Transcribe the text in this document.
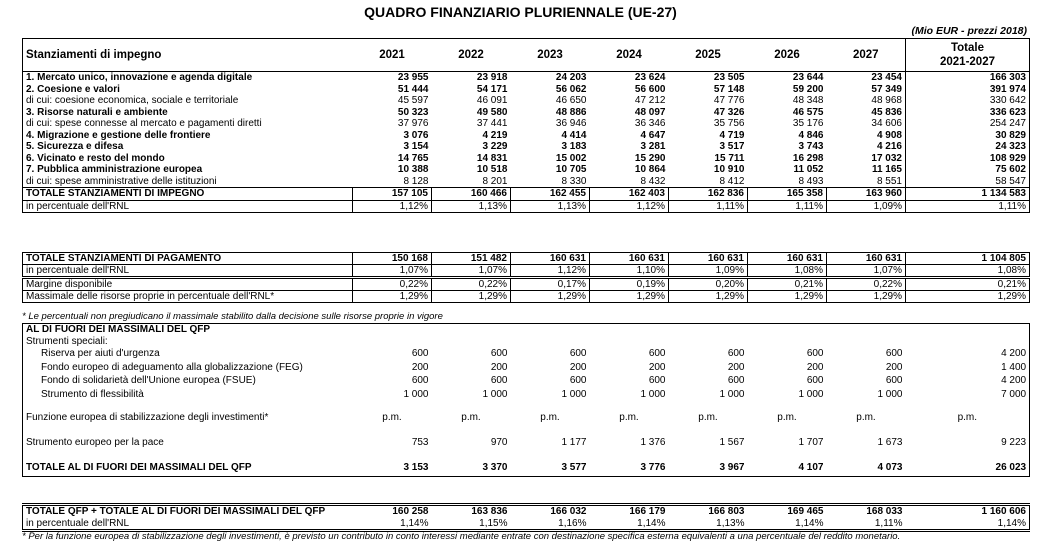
QUADRO FINANZIARIO PLURIENNALE (UE-27)
(Mio EUR - prezzi 2018)
Stanziamenti di impegno	2021	2022	2023	2024	2025	2026	2027	Totale
2021-2027
1. Mercato unico, innovazione e agenda digitale	23 955	23 918	24 203	23 624	23 505	23 644	23 454	166 303
2. Coesione e valori	51 444	54 171	56 062	56 600	57 148	59 200	57 349	391 974
di cui: coesione economica, sociale e territoriale	45 597	46 091	46 650	47 212	47 776	48 348	48 968	330 642
3. Risorse naturali e ambiente	50 323	49 580	48 886	48 097	47 326	46 575	45 836	336 623
di cui: spese connesse al mercato e pagamenti diretti	37 976	37 441	36 946	36 346	35 756	35 176	34 606	254 247
4. Migrazione e gestione delle frontiere	3 076	4 219	4 414	4 647	4 719	4 846	4 908	30 829
5. Sicurezza e difesa	3 154	3 229	3 183	3 281	3 517	3 743	4 216	24 323
6. Vicinato e resto del mondo	14 765	14 831	15 002	15 290	15 711	16 298	17 032	108 929
7. Pubblica amministrazione europea	10 388	10 518	10 705	10 864	10 910	11 052	11 165	75 602
di cui: spese amministrative delle istituzioni	8 128	8 201	8 330	8 432	8 412	8 493	8 551	58 547
TOTALE STANZIAMENTI DI IMPEGNO	157 105	160 466	162 455	162 403	162 836	165 358	163 960	1 134 583
in percentuale dell'RNL	1,12%	1,13%	1,13%	1,12%	1,11%	1,11%	1,09%	1,11%
TOTALE STANZIAMENTI DI PAGAMENTO	150 168	151 482	160 631	160 631	160 631	160 631	160 631	1 104 805
in percentuale dell'RNL	1,07%	1,07%	1,12%	1,10%	1,09%	1,08%	1,07%	1,08%
Margine disponibile	0,22%	0,22%	0,17%	0,19%	0,20%	0,21%	0,22%	0,21%
Massimale delle risorse proprie in percentuale dell'RNL*	1,29%	1,29%	1,29%	1,29%	1,29%	1,29%	1,29%	1,29%
* Le percentuali non pregiudicano il massimale stabilito dalla decisione sulle risorse proprie in vigore
AL DI FUORI DEI MASSIMALI DEL QFP								
Strumenti speciali:								
Riserva per aiuti d'urgenza	600	600	600	600	600	600	600	4 200
Fondo europeo di adeguamento alla globalizzazione (FEG)	200	200	200	200	200	200	200	1 400
Fondo di solidarietà dell'Unione europea (FSUE)	600	600	600	600	600	600	600	4 200
Strumento di flessibilità	1 000	1 000	1 000	1 000	1 000	1 000	1 000	7 000

Funzione europea di stabilizzazione degli investimenti*	p.m.	p.m.	p.m.	p.m.	p.m.	p.m.	p.m.	p.m.

Strumento europeo per la pace	753	970	1 177	1 376	1 567	1 707	1 673	9 223

TOTALE AL DI FUORI DEI MASSIMALI DEL QFP	3 153	3 370	3 577	3 776	3 967	4 107	4 073	26 023
TOTALE QFP + TOTALE AL DI FUORI DEI MASSIMALI DEL QFP	160 258	163 836	166 032	166 179	166 803	169 465	168 033	1 160 606
in percentuale dell'RNL	1,14%	1,15%	1,16%	1,14%	1,13%	1,14%	1,11%	1,14%
* Per la funzione europea di stabilizzazione degli investimenti, è previsto un contributo in conto interessi mediante entrate con destinazione specifica esterna equivalenti a una percentuale del reddito monetario.
